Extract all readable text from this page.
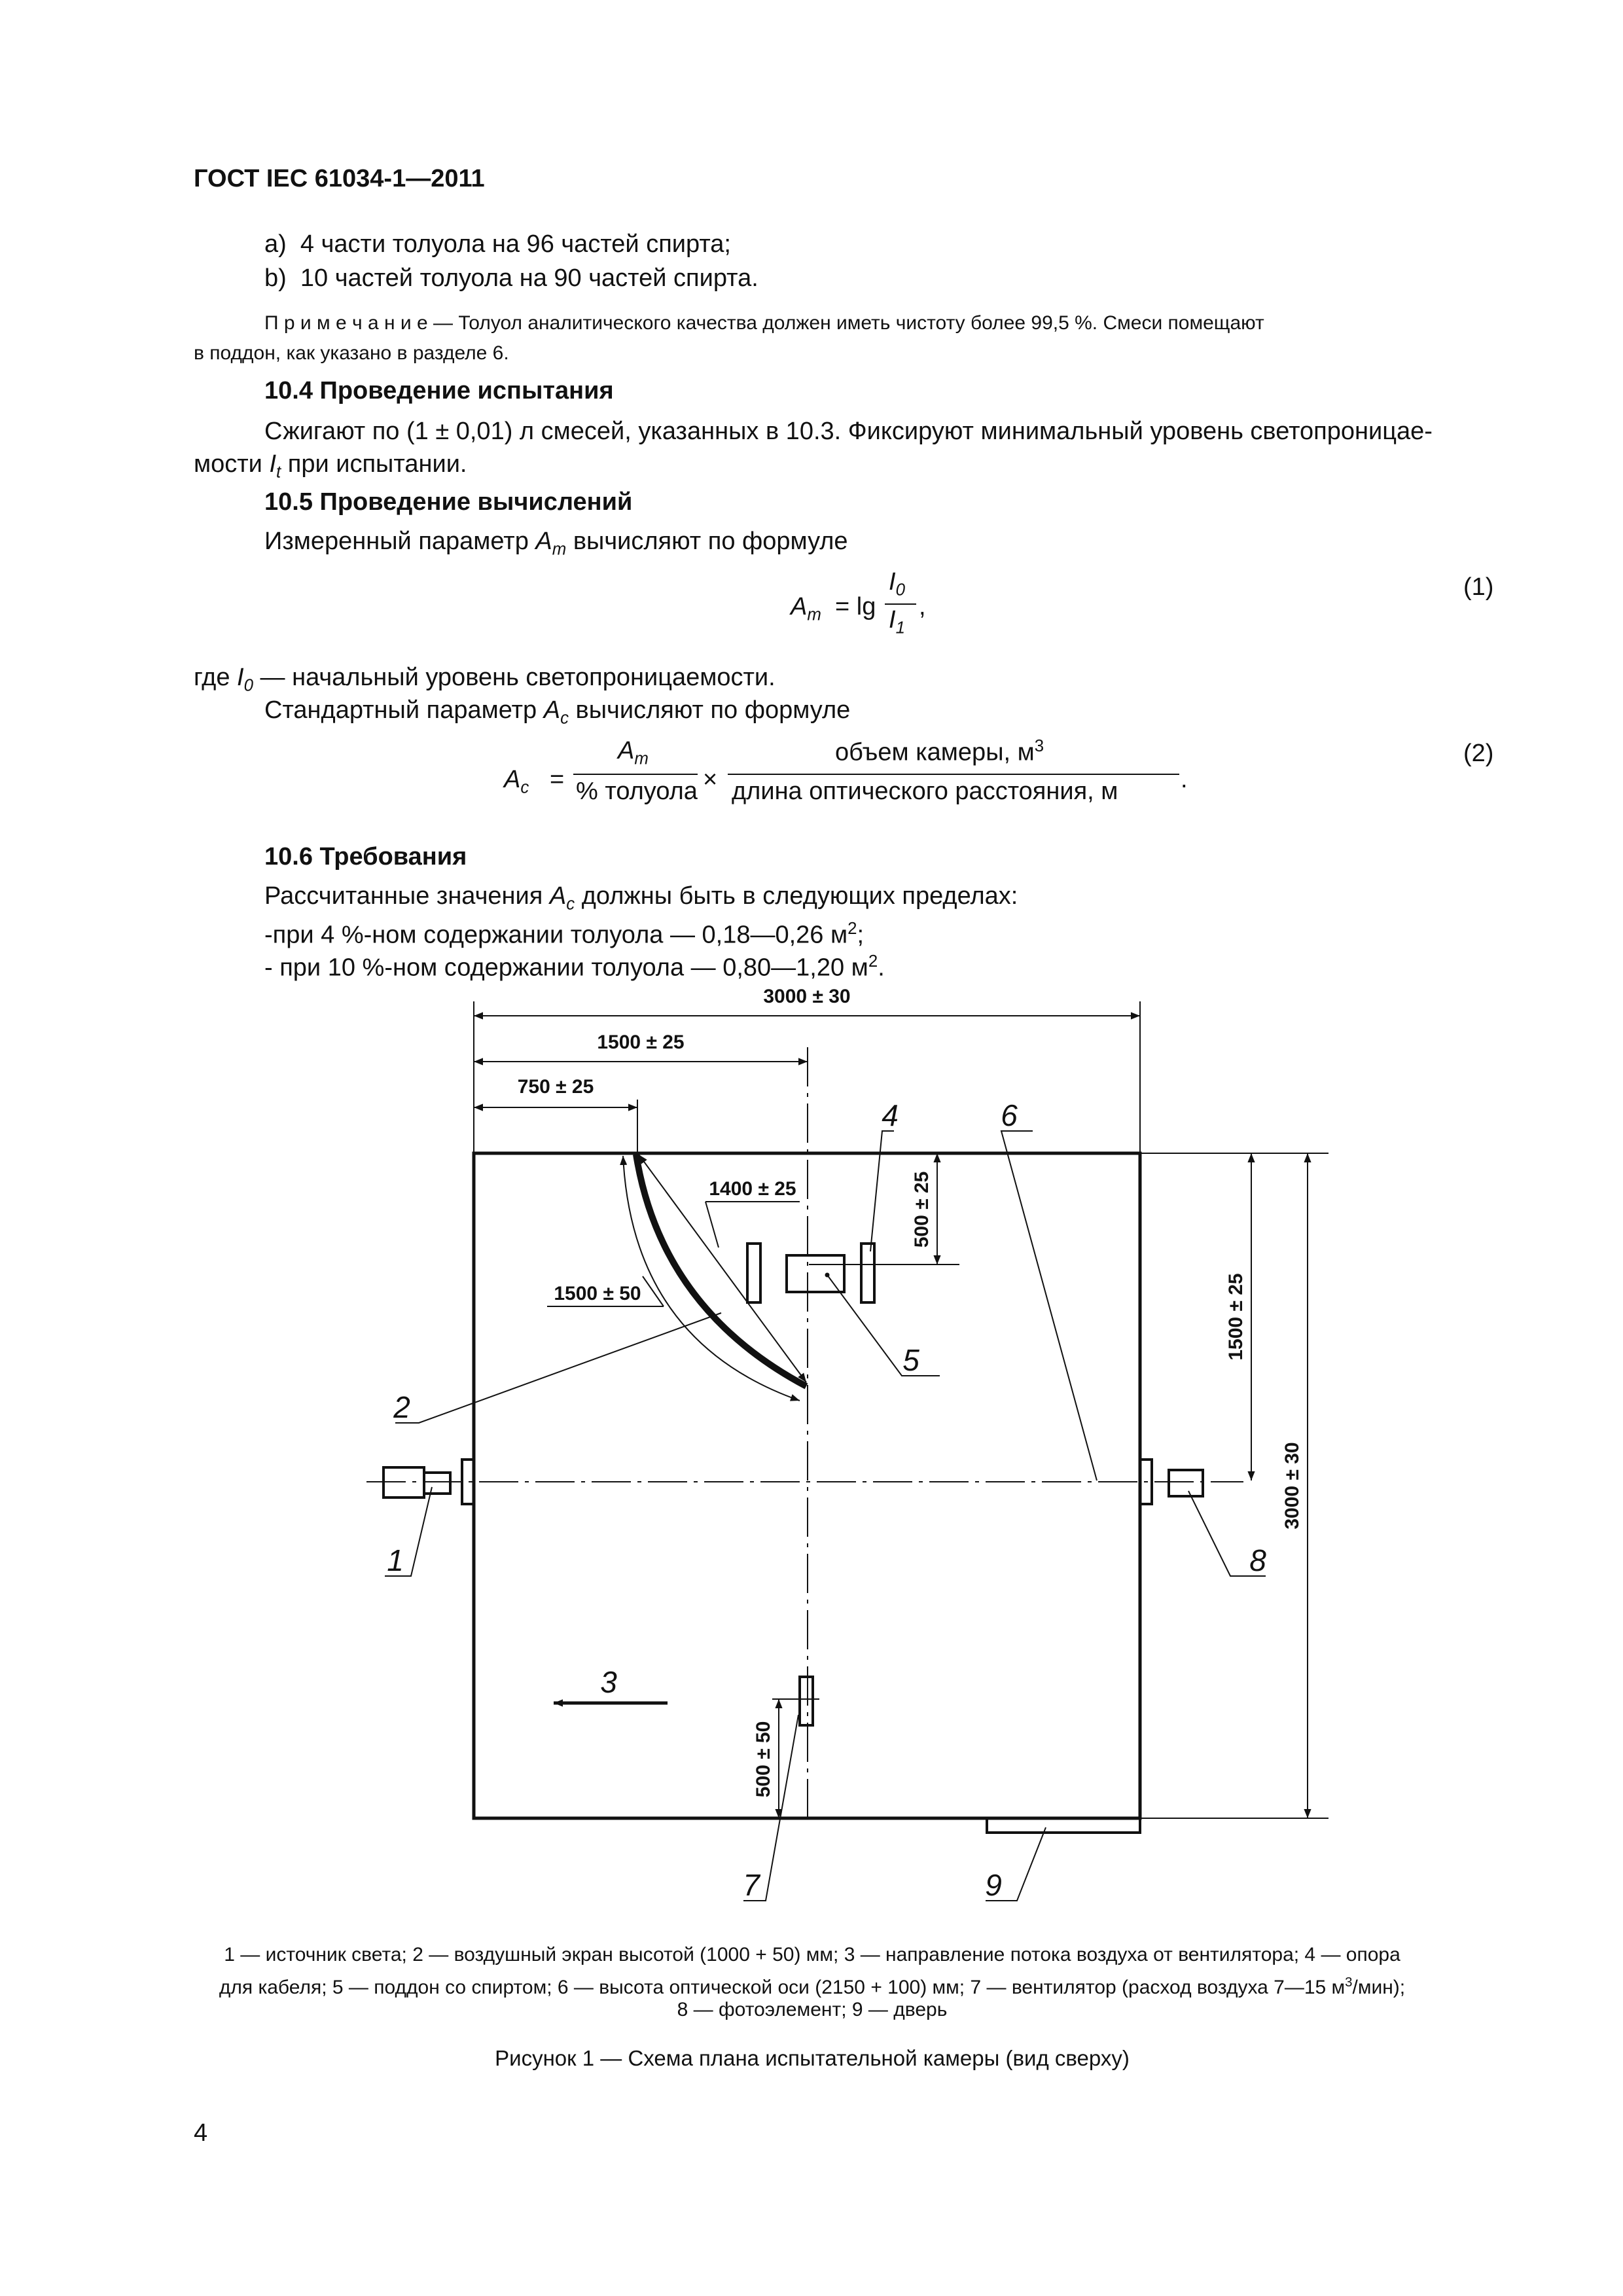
ГОСТ IEC 61034-1—2011
a) 4 части толуола на 96 частей спирта;
b) 10 частей толуола на 90 частей спирта.
П р и м е ч а н и е — Толуол аналитического качества должен иметь чистоту более 99,5 %. Смеси помещают
в поддон, как указано в разделе 6.
10.4 Проведение испытания
Сжигают по (1 ± 0,01) л смесей, указанных в 10.3. Фиксируют минимальный уровень светопроницае-
мости $I_t$ при испытании.
10.5 Проведение вычислений
Измеренный параметр $A_m$ вычисляют по формуле
$A_m = \lg$
$I_0$
$I_1$
,
(1)
где $I_0$ — начальный уровень светопроницаемости.
Стандартный параметр $A_c$ вычисляют по формуле
$A_c$ =
$A_m$
% толуола ×
объем камеры, $м^3$
длина оптического расстояния, м	.
(2)
10.6 Требования
Рассчитанные значения $A_c$ должны быть в следующих пределах:
-при 4 %-ном содержании толуола — 0,18—0,26 $м^2$;
- при 10 %-ном содержании толуола — 0,80—1,20 $м^2$.
3000 ± 30
1500 ± 25
750 ± 25
1400 ± 25
1500 ± 50
500 ± 25
1500 ± 25
3000 ± 30
500 ± 50
4	6
5
2
1	8
3
7	9
1 — источник света; 2 — воздушный экран высотой (1000 + 50) мм; 3 — направление потока воздуха от вентилятора; 4 — опора
для кабеля; 5 — поддон со спиртом; 6 — высота оптической оси (2150 + 100) мм; 7 — вентилятор (расход воздуха 7—15 $м^3/мин$);
8 — фотоэлемент; 9 — дверь
Рисунок 1 — Схема плана испытательной камеры (вид сверху)
4
